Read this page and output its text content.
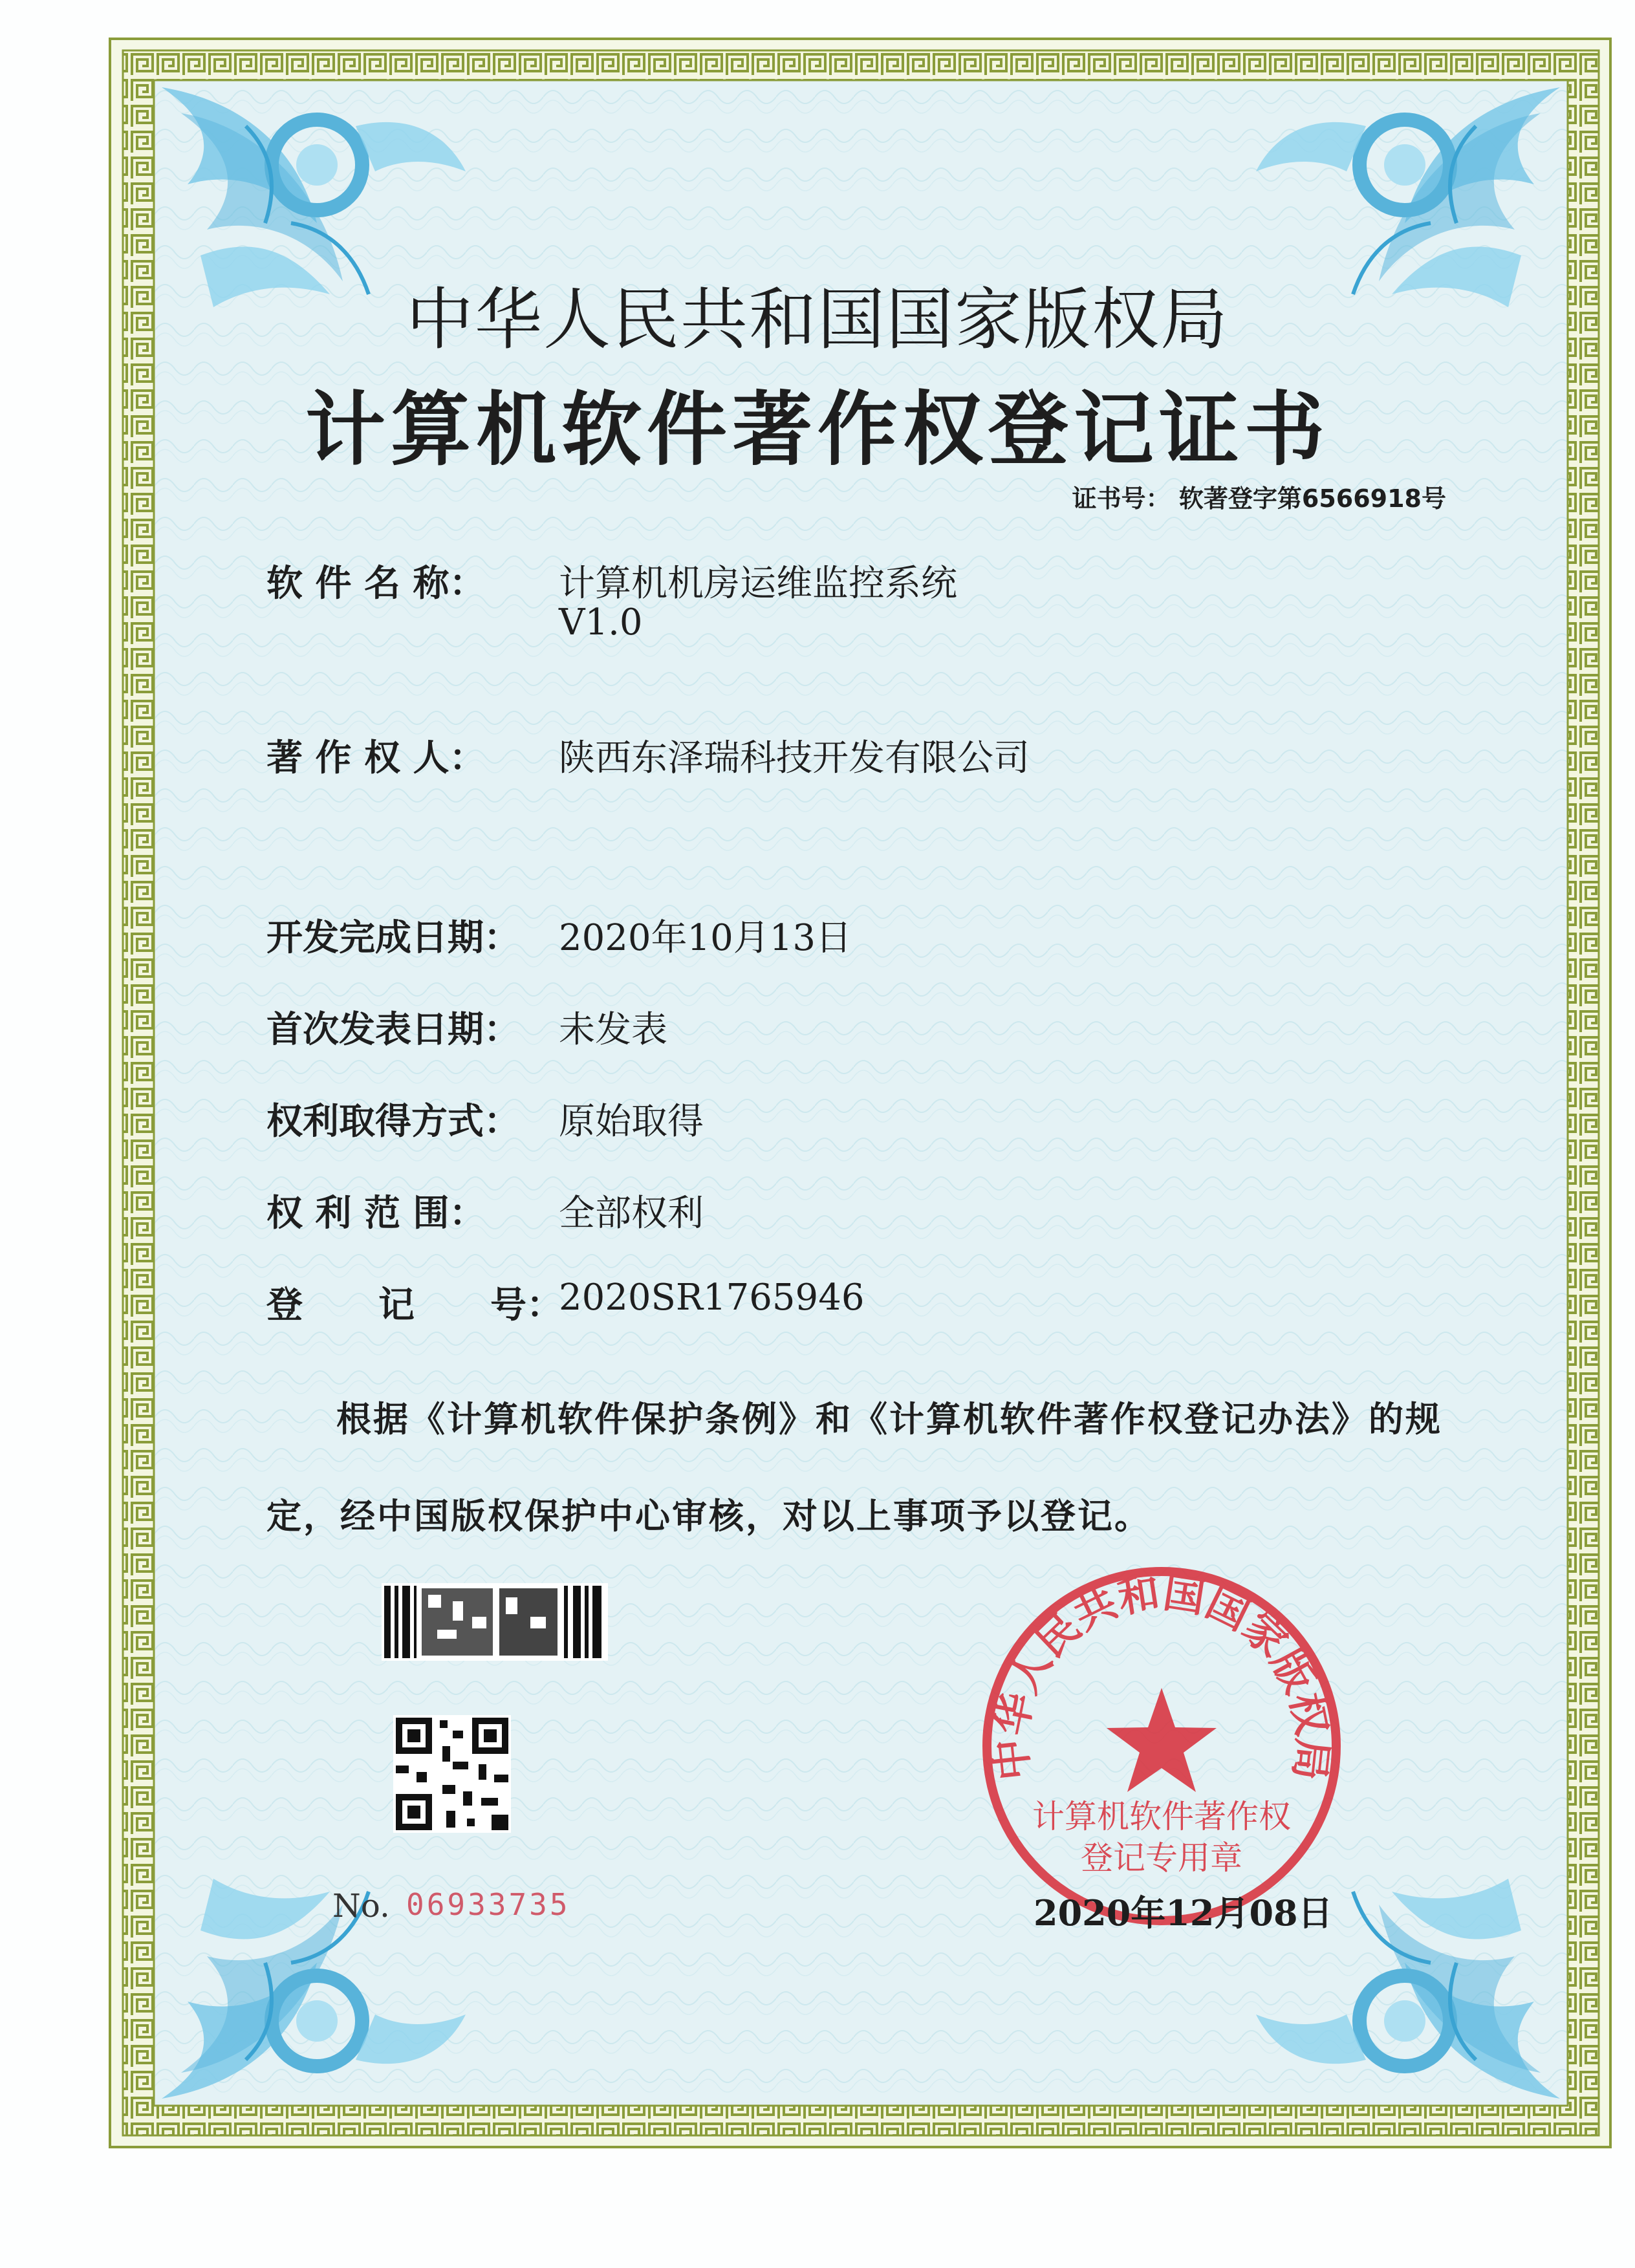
中华人民共和国国家版权局
计算机软件著作权
登记专用章
中华人民共和国国家版权局
计算机软件著作权登记证书
证书号： 软著登字第6566918号
软 件 名 称： 计算机机房运维监控系统
V1.0
著 作 权 人： 陕西东泽瑞科技开发有限公司
开发完成日期： 2020年10月13日
首次发表日期： 未发表
权利取得方式： 原始取得
权 利 范 围： 全部权利
登      记      号：
2020SR1765946
根据《计算机软件保护条例》和《计算机软件著作权登记办法》的规定，经中国版权保护中心审核，对以上事项予以登记。
No. 06933735	2020年12月08日
